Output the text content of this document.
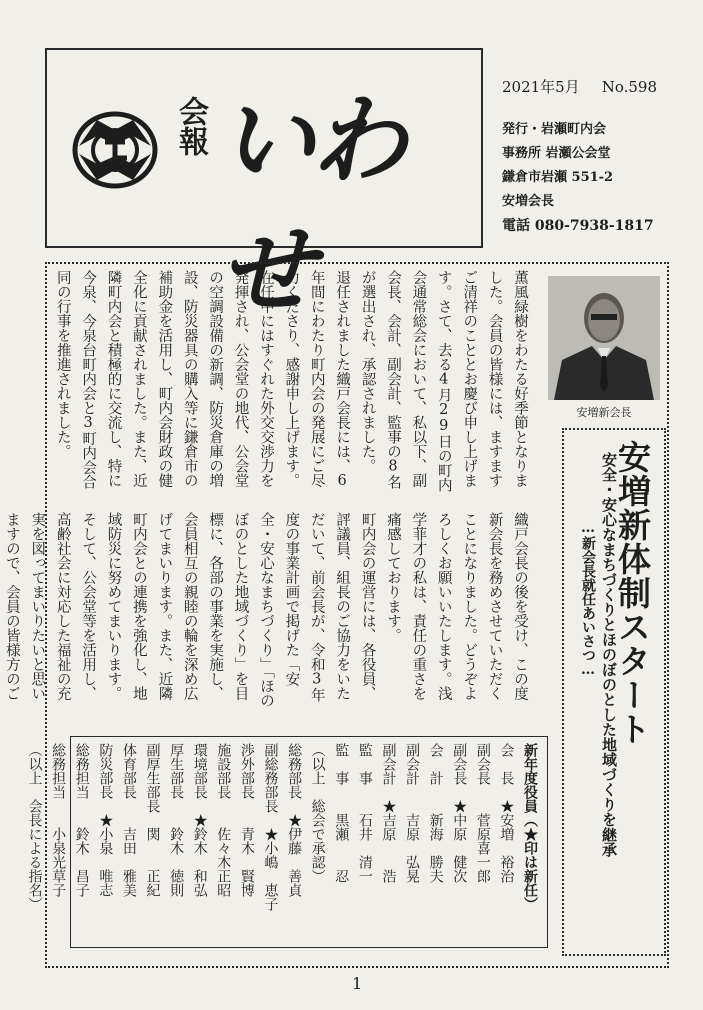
会報 いわせ
2021年5月 No.598
発行・岩瀬町内会
事務所 岩瀬公会堂
鎌倉市岩瀬 551-2
安増会長
電話 080-7938-1817

薫風緑樹をわたる好季節となりました。会員の皆様には、ますますご清祥のこととお慶び申し上げます。さて、去る4月29日の町内会通常総会において、私以下、副会長、会計、副会計、監事の8名が選出され、承認されました。

退任されました織戸会長には、6年間にわたり町内会の発展にご尽力くださり、感謝申し上げます。在任中にはすぐれた外交交渉力を発揮され、公会堂の地代、公会堂の空調設備の新調、防災倉庫の増設、防災器具の購入等に鎌倉市の補助金を活用し、町内会財政の健全化に貢献されました。また、近隣町内会と積極的に交流し、特に今泉、今泉台町内会と3町内会合同の行事を推進されました。

織戸会長の後を受け、この度新会長を務めさせていただくことになりました。どうぞよろしくお願いいたします。浅学菲才の私は、責任の重さを痛感しております。

町内会の運営には、各役員、評議員、組長のご協力をいただいて、前会長が、令和3年度の事業計画で掲げた「安全・安心なまちづくり」「ほのぼのとした地域づくり」を目標に、各部の事業を実施し、会員相互の親睦の輪を深め広げてまいります。また、近隣町内会との連携を強化し、地域防災に努めてまいります。

そして、公会堂等を活用し、高齢社会に対応した福祉の充実を図ってまいりたいと思いますので、会員の皆様方のご

安増新会長
安増新体制スタート
安全・安心なまちづくりとほのぼのとした地域づくりを継承
…新会長就任あいさつ…
新年度役員（★印は新任）
会　長　★安増　裕治
副会長　　菅原喜一郎
副会長　★中原　健次
会　計　　新海　勝夫
副会計　　吉原　弘晃
副会計　★吉原　　浩
監　事　　石井　清一
監　事　　黒瀬　　忍
（以上　総会で承認）
総務部長　★伊藤　善貞
副総務部長　★小嶋　恵子
渉外部長　　青木　賢博
施設部長　　佐々木正昭
環境部長　★鈴木　和弘
厚生部長　　鈴木　徳則
副厚生部長　関　　正紀
体育部長　　吉田　雅美
防災部長　★小泉　唯志
総務担当　　鈴木　昌子
総務担当　　小泉光草子
（以上　会長による指名）
1
